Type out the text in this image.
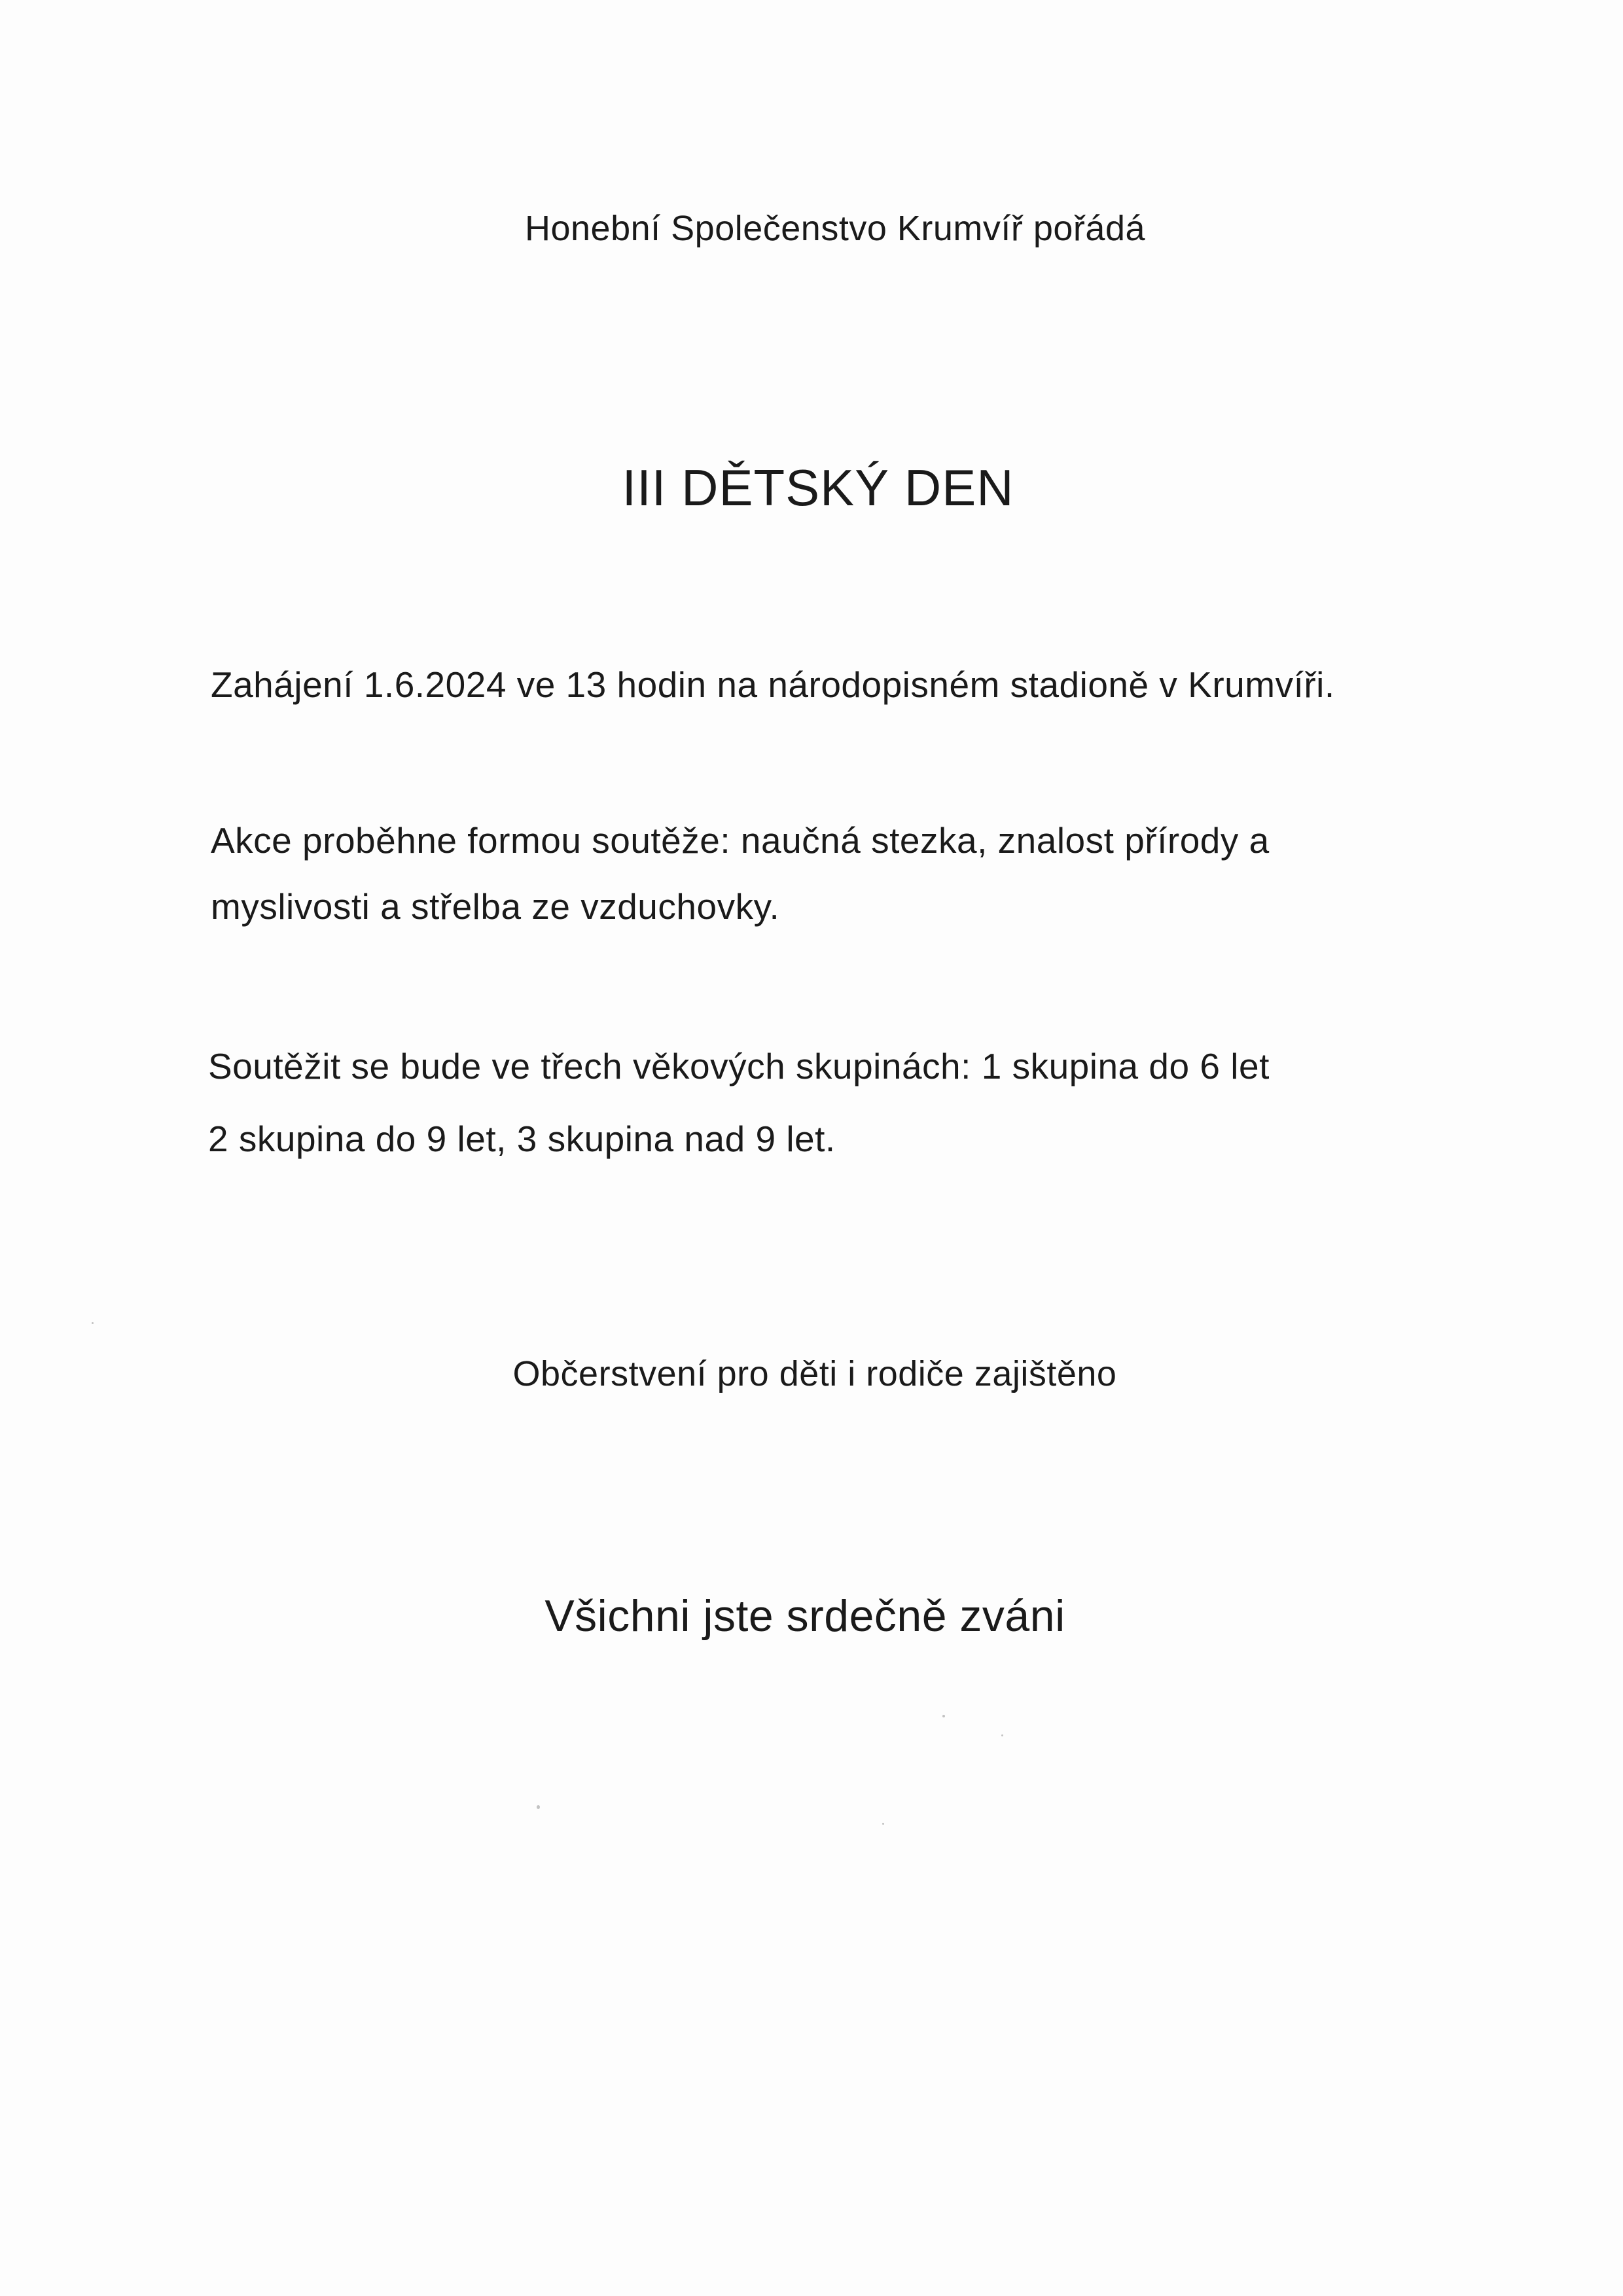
Honební Společenstvo Krumvíř pořádá
III DĚTSKÝ DEN
Zahájení 1.6.2024 ve 13 hodin na národopisném stadioně v Krumvíři.
Akce proběhne formou soutěže: naučná stezka, znalost přírody a
myslivosti a střelba ze vzduchovky.
Soutěžit se bude ve třech věkových skupinách: 1 skupina do 6 let
2 skupina do 9 let, 3 skupina nad 9 let.
Občerstvení pro děti i rodiče zajištěno
Všichni jste srdečně zváni
